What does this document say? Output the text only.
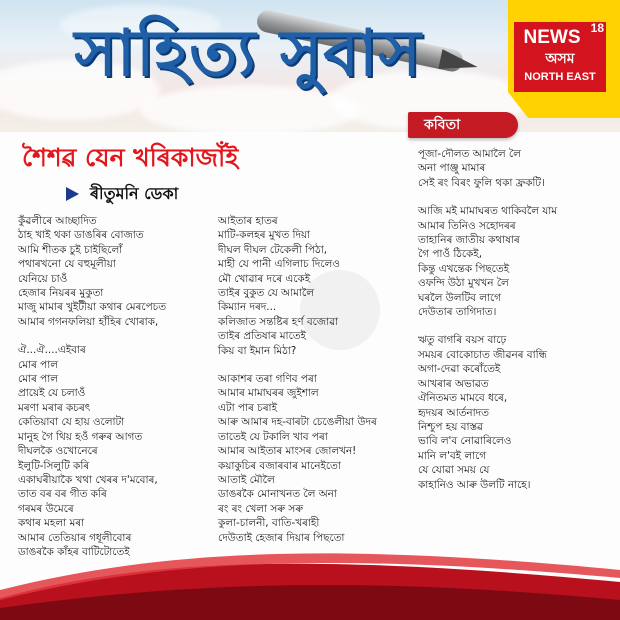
সাহিত্য সুবাস	NEWS 18
অসম
NORTH EAST
কবিতা
শৈশৱ যেন খৰিকাজাঁই
ৰীতুমনি ডেকা
কুঁৱলীৰে আচ্ছাদিত
ঠাহ খাই থকা ডাঙৰিৰ বোজাত
আমি শীতক চুই চাইছিলোঁ
পথাৰখনো যে বহুমূলীয়া
যেনিয়ে চাওঁ
হেজাৰ নিয়ৰৰ মুকুতা
মাজু মামাৰ খুইটীয়া কথাৰ মেৰপেচত
আমাৰ গগনফলিয়া হাঁহিৰ খোৰাক,
ঐ...ঐ....এইবাৰ
মোৰ পাল
মোৰ পাল
প্ৰায়েই যে চলাওঁ
মৰণা মৰাৰ কচৰৎ
কেতিয়াবা যে হায় ওলোটা
মানুহ গৈ থিয় হওঁ গৰুৰ আগত
দীঘলকৈ ওখোনেৰে
ইলুটি-সিলুটি কৰি
একাঘৰীয়াকৈ খথা খেৰৰ দ'মবোৰ,
তাত বৰ বৰ গীত কৰি
গৰমৰ উমেৰে
কথাৰ মহলা মৰা
আমাৰ তেতিয়াৰ গধূলীবোৰ
ডাঙৰকৈ কাঁহৰ বাটিটোতেই
আইতাৰ হাতৰ
মাটি-কলহৰ মুখত দিয়া
দীঘল দীঘল টেকেলী পিঠা,
মাহী যে পানী এগিলাচ দিলেও
মৌ খোৱাৰ দৰে একেই
তাইৰ বুকুত যে আমালৈ
কিম্যান দৰদ...
কলিজাত সন্তষ্টিৰ হৰ্ণ বজোৱা
তাইৰ প্ৰতিষাৰ মাতেই
কিয় বা ইমান মিঠা?
আকাশৰ তৰা গণিব পৰা
আমাৰ মামাঘৰৰ জুইশাল
এটা পাৰ চৰাই
আৰু আমাৰ দহ-বাৰটা চেঙেলীয়া উদৰ
তাতেই যে টকালি খাব পৰা
আমাৰ আইতাৰ মাংসৰ জোলখন!
কয়াকুচিৰ বজাৰবাৰ মানেইতো
আতাই মৌলৈ
ডাঙৰকৈ মোনাখনত লৈ অনা
ৰং ৰং খেলা সৰু সৰু
কুলা-চালনী, বাতি-খৰাহী
দেউতাই হেজাৰ দিয়াৰ পিছতো
পূজা-দৌলত আমালৈ লৈ
অনা পাঞ্জু মামাৰ
সেই ৰং বিৰং ফুলি থকা ফ্ৰকটি।
আজি মই মামাঘৰত থাকিবলৈ যাম
আমাৰ তিনিও সহোদৰৰ
তাহানিৰ জাতীয় কথাষাৰ
গৈ পাওঁ ঠিকেই,
কিন্তু এখন্তেক পিছতেই
ওফন্দি উঠা মুখখন লৈ
ঘৰলৈ উলটিব লাগে
দেউতাৰ তাগিদাত।
ঋতু বাগৰি বয়স বাঢ়ে
সময়ৰ বোকোচাত জীৱনৰ বান্ধি
অগা-দেৱা কৰোঁতেই
আখৰাৰ অভাৱত
ঐনিতমত মামবে ধৰে,
হৃদয়ৰ আৰ্তনাদত
নিশ্চুপ হয় বাস্তৱ
ভাবি ল'ব নোৱাৰিলেও
মানি ল'বই লাগে
যে যোৱা সময় যে
কাহানিও আৰু উলটি নাহে।
